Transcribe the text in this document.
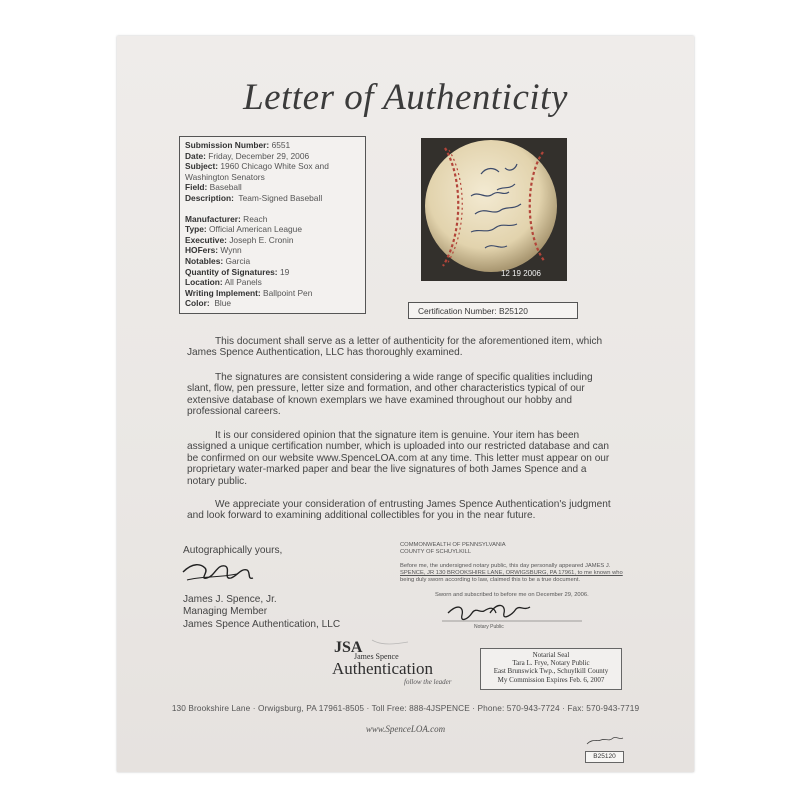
Letter of Authenticity
Submission Number: 6551
Date: Friday, December 29, 2006
Subject: 1960 Chicago White Sox and
Washington Senators
Field: Baseball
Description: Team-Signed Baseball
Manufacturer: Reach
Type: Official American League
Executive: Joseph E. Cronin
HOFers: Wynn
Notables: Garcia
Quantity of Signatures: 19
Location: All Panels
Writing Implement: Ballpoint Pen
Color: Blue
12 19 2006
Certification Number: B25120
This document shall serve as a letter of authenticity for the aforementioned item, which James Spence Authentication, LLC has thoroughly examined.
The signatures are consistent considering a wide range of specific qualities including slant, flow, pen pressure, letter size and formation, and other characteristics typical of our extensive database of known exemplars we have examined throughout our hobby and professional careers.
It is our considered opinion that the signature item is genuine. Your item has been assigned a unique certification number, which is uploaded into our restricted database and can be confirmed on our website www.SpenceLOA.com at any time. This letter must appear on our proprietary water-marked paper and bear the live signatures of both James Spence and a notary public.
We appreciate your consideration of entrusting James Spence Authentication's judgment and look forward to examining additional collectibles for you in the near future.
Autographically yours,
James J. Spence, Jr.
Managing Member
James Spence Authentication, LLC
COMMONWEALTH OF PENNSYLVANIA
COUNTY OF SCHUYLKILL
Before me, the undersigned notary public, this day personally appeared JAMES J.
SPENCE, JR 130 BROOKSHIRE LANE, ORWIGSBURG, PA 17961, to me known who
being duly sworn according to law, claimed this to be a true document.
Sworn and subscribed to before me on December 29, 2006.
Notary Public
JSA
James Spence
Authentication
follow the leader
Notarial Seal
Tara L. Frye, Notary Public
East Brunswick Twp., Schuylkill County
My Commission Expires Feb. 6, 2007
130 Brookshire Lane · Orwigsburg, PA 17961-8505 · Toll Free: 888-4JSPENCE · Phone: 570-943-7724 · Fax: 570-943-7719
www.SpenceLOA.com
B25120
